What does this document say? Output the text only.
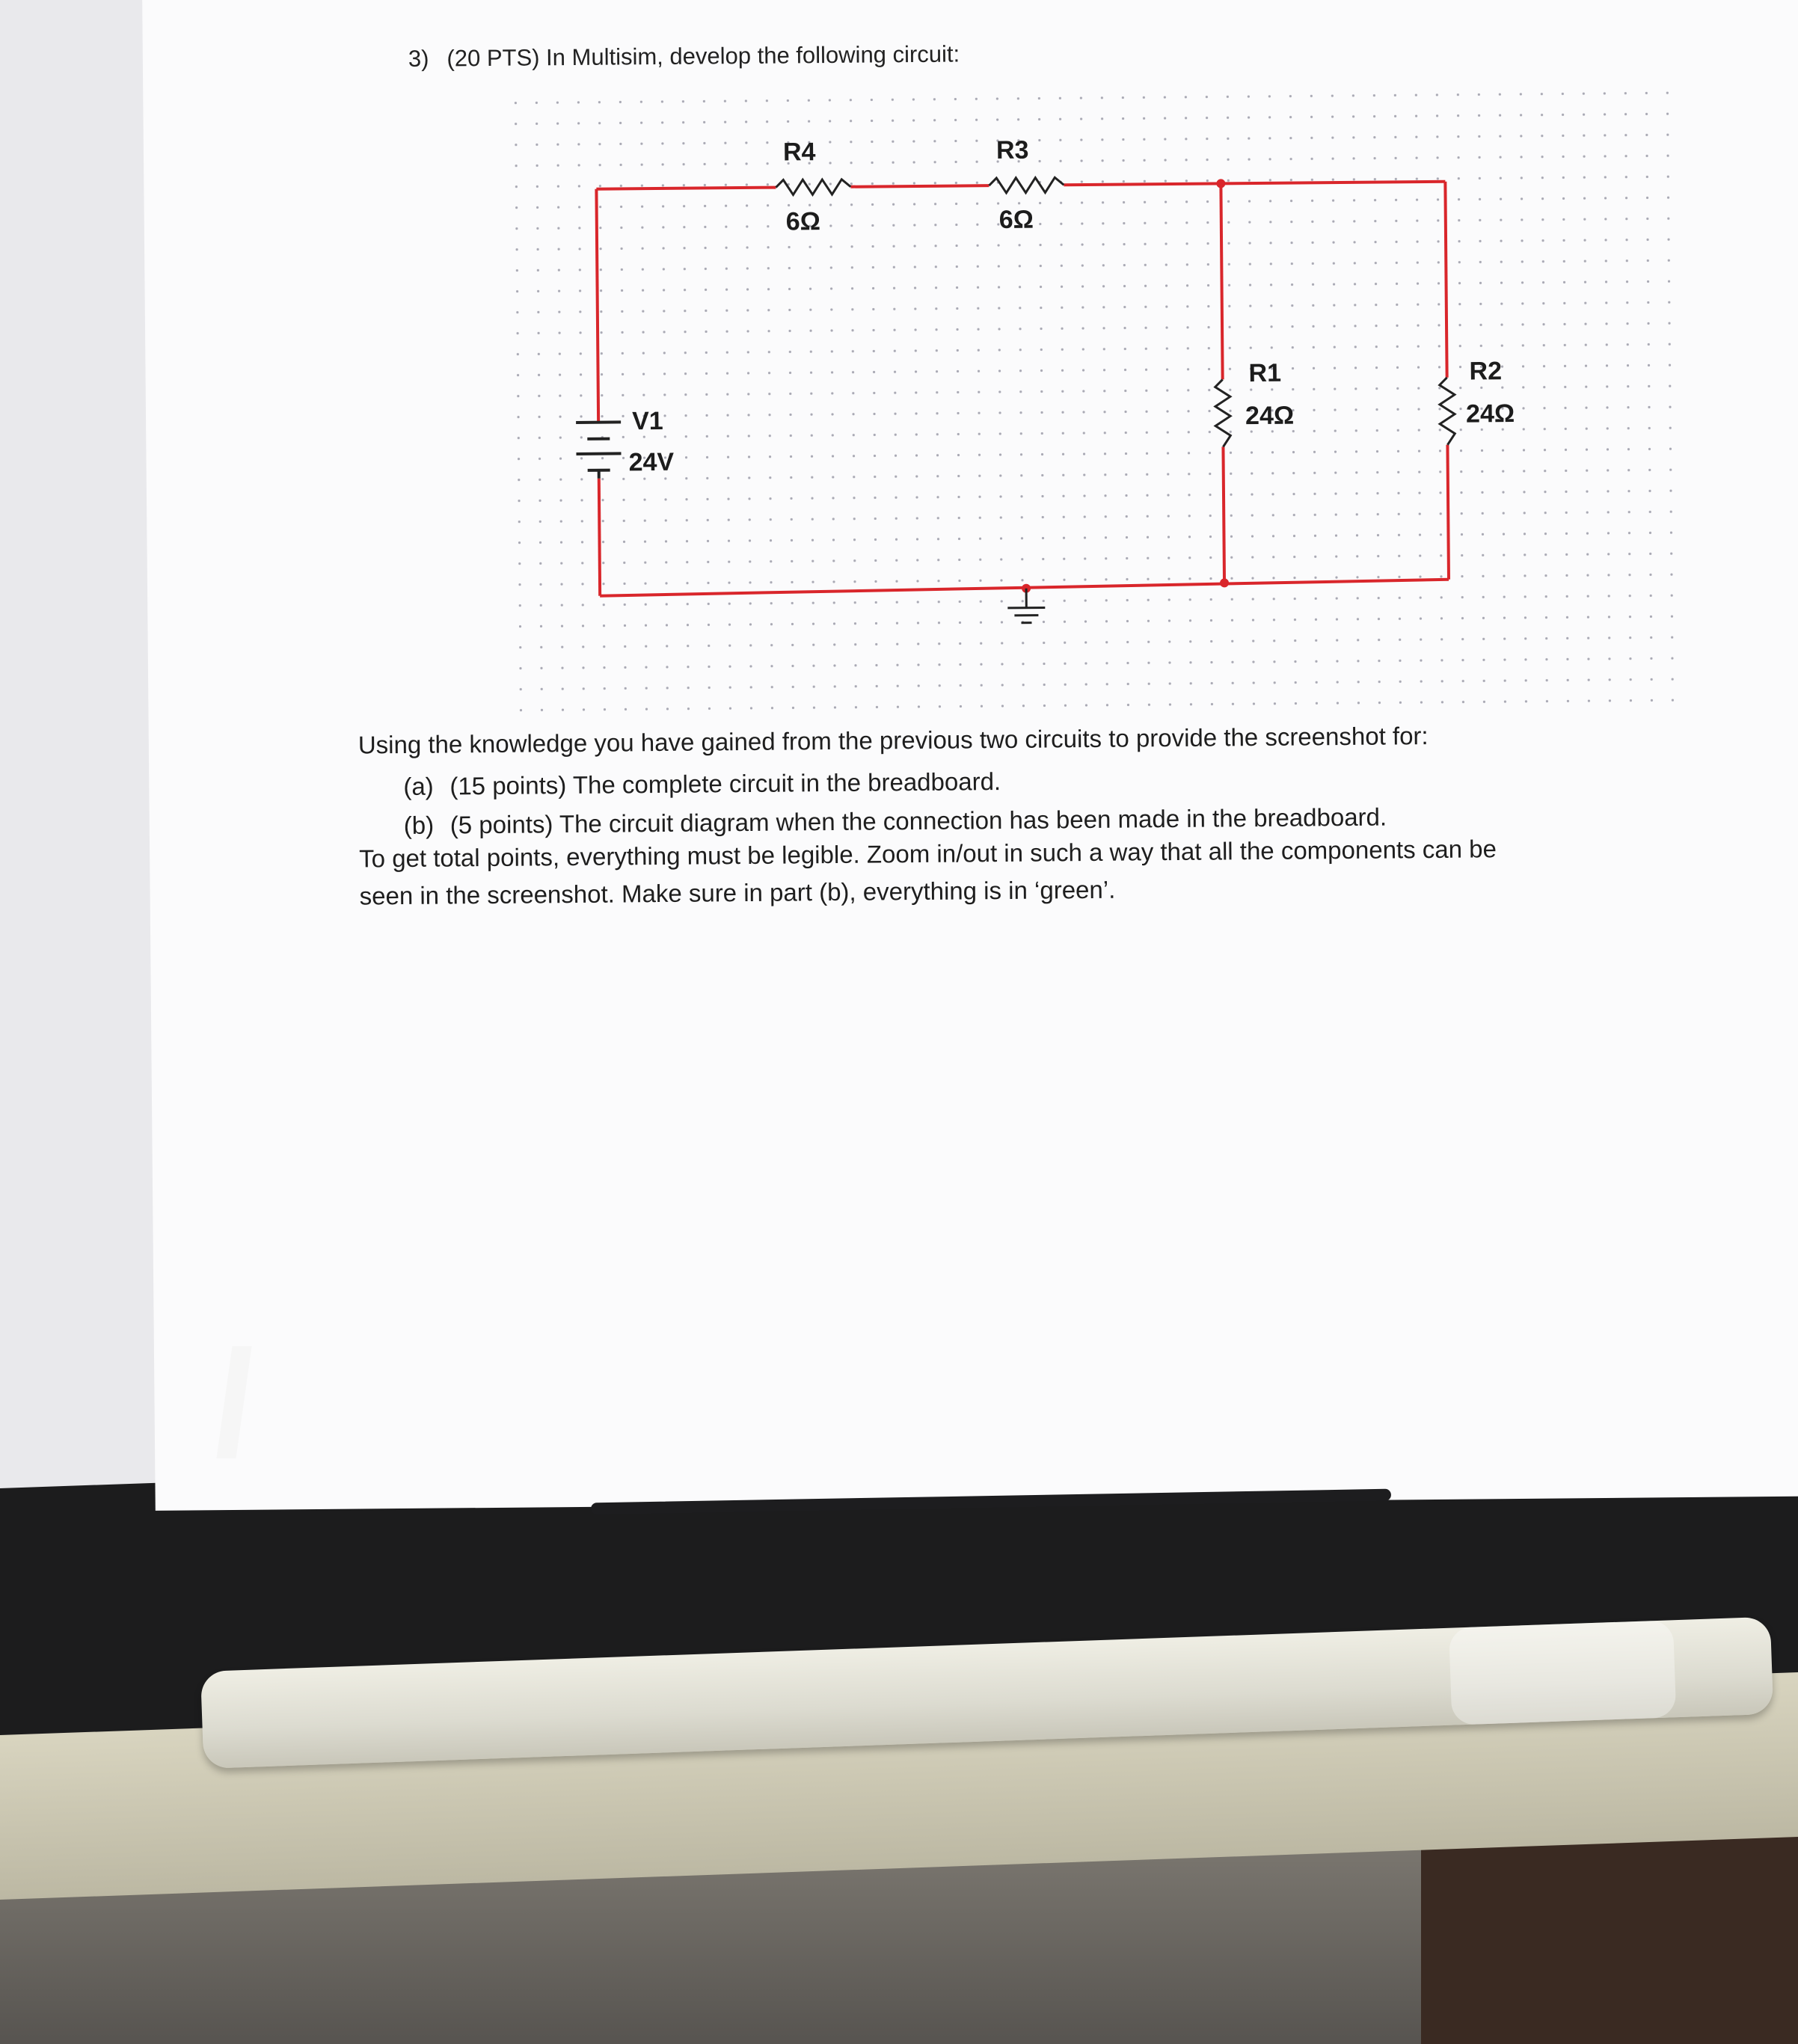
3) (20 PTS) In Multisim, develop the following circuit:
R4
6Ω
R3
6Ω
R1
24Ω
R2
24Ω
V1
24V

Using the knowledge you have gained from the previous two circuits to provide the screenshot for:

(a) (15 points) The complete circuit in the breadboard.

(b) (5 points) The circuit diagram when the connection has been made in the breadboard.

To get total points, everything must be legible. Zoom in/out in such a way that all the components can be seen in the screenshot. Make sure in part (b), everything is in ‘green’.
